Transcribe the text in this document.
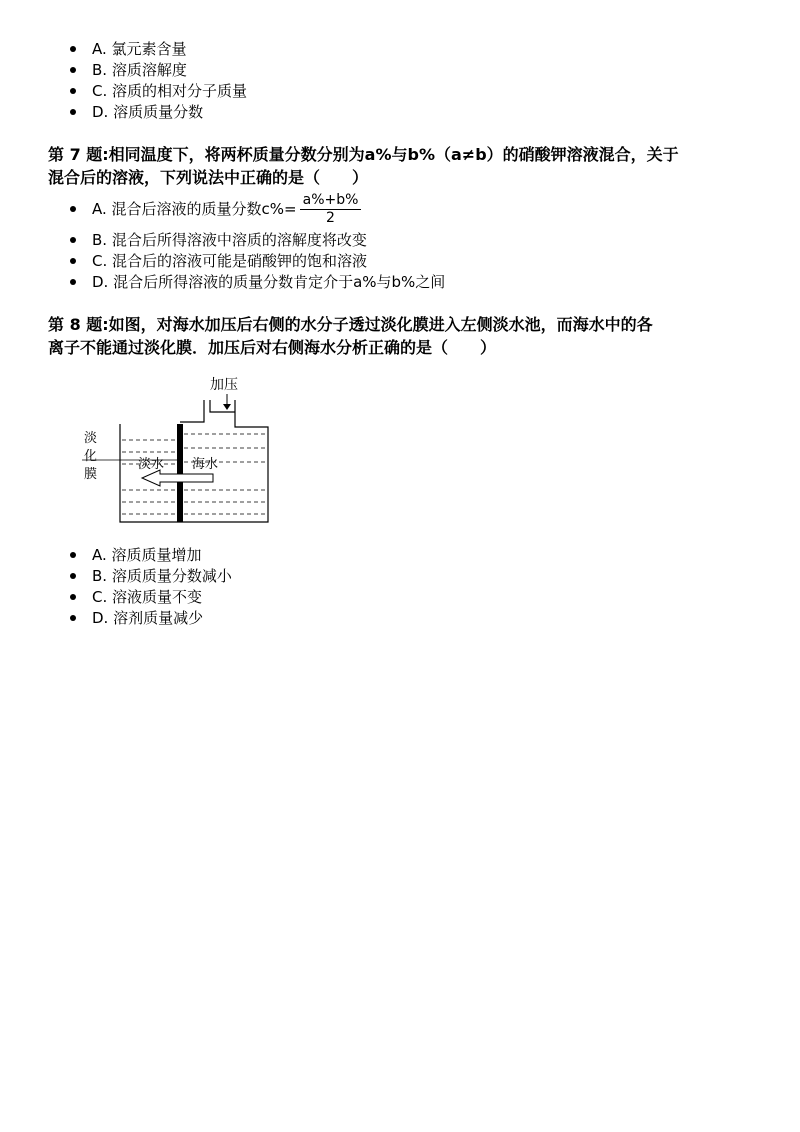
A. 氯元素含量
B. 溶质溶解度
C. 溶质的相对分子质量
D. 溶质质量分数
第 7 题:相同温度下，将两杯质量分数分别为a%与b%（a≠b）的硝酸钾溶液混合，关于
混合后的溶液，下列说法中正确的是（　　）
A. 混合后溶液的质量分数$c\%= \frac{a\%+b\%}{2}$
B. 混合后所得溶液中溶质的溶解度将改变
C. 混合后的溶液可能是硝酸钾的饱和溶液
D. 混合后所得溶液的质量分数肯定介于a%与b%之间
第 8 题:如图，对海水加压后右侧的水分子透过淡化膜进入左侧淡水池，而海水中的各
离子不能通过淡化膜．加压后对右侧海水分析正确的是（　　）
淡
化
膜
加压
淡水 海水
A. 溶质质量增加
B. 溶质质量分数减小
C. 溶液质量不变
D. 溶剂质量减少
